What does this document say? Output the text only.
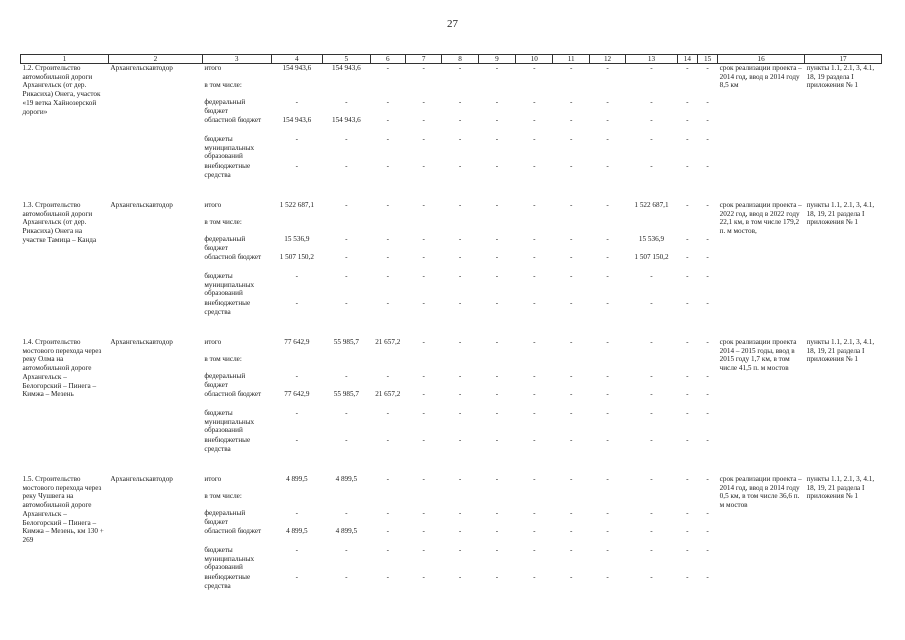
27
1	2	3	4	5	6	7	8	9	10	11	12	13	14	15	16	17
1.2. Строительство автомобильной дороги Архангельск (от дер. Рикасиха) Онега, участок «19 ветка Хайнозерской дороги»	Архангельскавтодор	итого	154 943,6	154 943,6	-	-	-	-	-	-	-	-	-	-	срок реализации проекта – 2014 год, ввод в 2014 году 8,5 км	пункты 1.1, 2.1, 3, 4.1, 18, 19 раздела I приложения № 1
		в том числе:														
		федеральный бюджет	-	-	-	-	-	-	-	-	-	-	-	-		
		областной бюджет	154 943,6	154 943,6	-	-	-	-	-	-	-	-	-	-		
		бюджеты муниципальных образований	-	-	-	-	-	-	-	-	-	-	-	-		
		внебюджетные средства	-	-	-	-	-	-	-	-	-	-	-	-		

1.3. Строительство автомобильной дороги Архангельск (от дер. Рикасиха) Онега на участке Тамица – Канда	Архангельскавтодор	итого	1 522 687,1	-	-	-	-	-	-	-	-	1 522 687,1	-	-	срок реализации проекта – 2022 год, ввод в 2022 году 22,1 км, в том числе 179,2 п. м мостов,	пункты 1.1, 2.1, 3, 4.1, 18, 19, 21 раздела I приложения № 1
		в том числе:														
		федеральный бюджет	15 536,9	-	-	-	-	-	-	-	-	15 536,9	-	-		
		областной бюджет	1 507 150,2	-	-	-	-	-	-	-	-	1 507 150,2	-	-		
		бюджеты муниципальных образований	-	-	-	-	-	-	-	-	-	-	-	-		
		внебюджетные средства	-	-	-	-	-	-	-	-	-	-	-	-		

1.4. Строительство мостового перехода через реку Олма на автомобильной дороге Архангельск – Белогорский – Пинега – Кимжа – Мезень	Архангельскавтодор	итого	77 642,9	55 985,7	21 657,2	-	-	-	-	-	-	-	-	-	срок реализации проекта 2014 – 2015 годы, ввод в 2015 году 1,7 км, в том числе 41,5 п. м мостов	пункты 1.1, 2.1, 3, 4.1, 18, 19, 21 раздела I приложения № 1
		в том числе:														
		федеральный бюджет	-	-	-	-	-	-	-	-	-	-	-	-		
		областной бюджет	77 642,9	55 985,7	21 657,2	-	-	-	-	-	-	-	-	-		
		бюджеты муниципальных образований	-	-	-	-	-	-	-	-	-	-	-	-		
		внебюджетные средства	-	-	-	-	-	-	-	-	-	-	-	-		

1.5. Строительство мостового перехода через реку Чушвега на автомобильной дороге Архангельск – Белогорский – Пинега – Кимжа – Мезень, км 130 + 269	Архангельскавтодор	итого	4 899,5	4 899,5	-	-	-	-	-	-	-	-	-	-	срок реализации проекта – 2014 год, ввод в 2014 году 0,5 км, в том числе 36,6 п. м мостов	пункты 1.1, 2.1, 3, 4.1, 18, 19, 21 раздела I приложения № 1
		в том числе:														
		федеральный бюджет	-	-	-	-	-	-	-	-	-	-	-	-		
		областной бюджет	4 899,5	4 899,5	-	-	-	-	-	-	-	-	-	-		
		бюджеты муниципальных образований	-	-	-	-	-	-	-	-	-	-	-	-		
		внебюджетные средства	-	-	-	-	-	-	-	-	-	-	-	-		
